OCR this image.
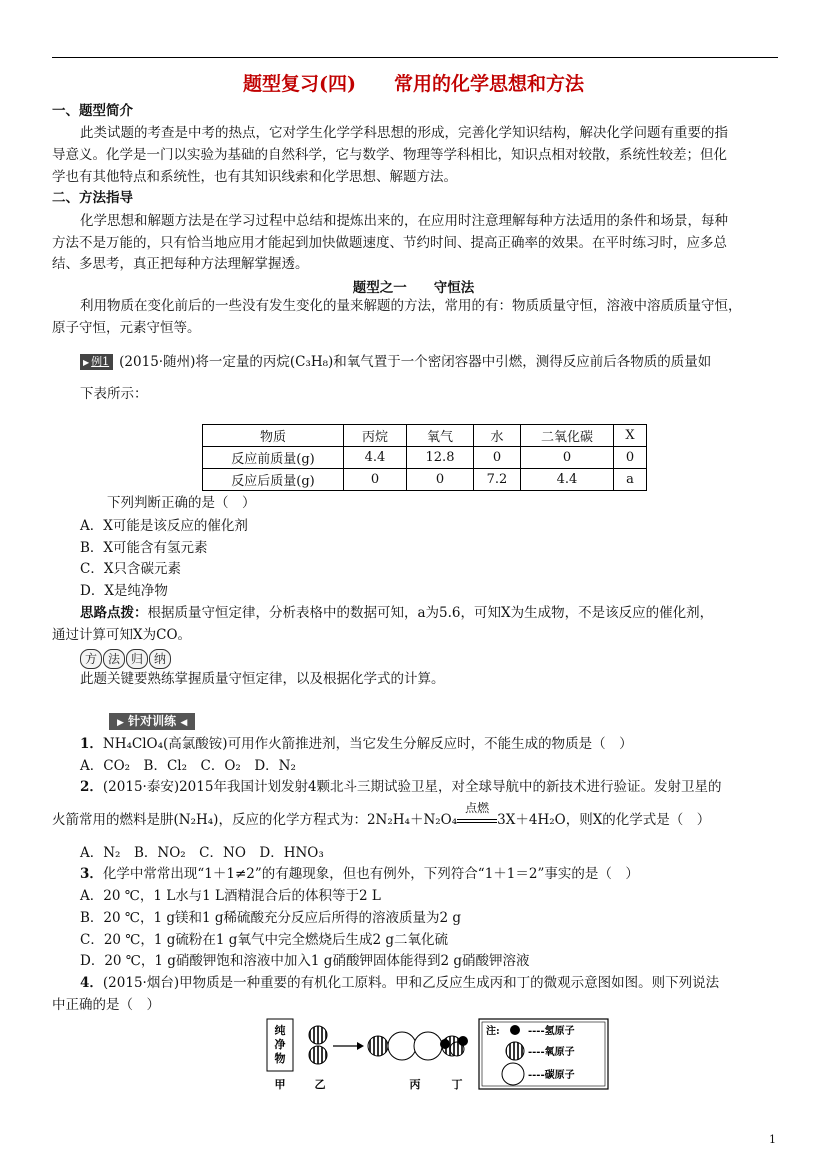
题型复习(四)　　常用的化学思想和方法
一、题型简介
此类试题的考查是中考的热点，它对学生化学学科思想的形成，完善化学知识结构，解决化学问题有重要的指
导意义。化学是一门以实验为基础的自然科学，它与数学、物理等学科相比，知识点相对较散，系统性较差；但化
学也有其他特点和系统性，也有其知识线索和化学思想、解题方法。
二、方法指导
化学思想和解题方法是在学习过程中总结和提炼出来的，在应用时注意理解每种方法适用的条件和场景，每种
方法不是万能的，只有恰当地应用才能起到加快做题速度、节约时间、提高正确率的效果。在平时练习时，应多总
结、多思考，真正把每种方法理解掌握透。
题型之一　　守恒法
利用物质在变化前后的一些没有发生变化的量来解题的方法，常用的有：物质质量守恒，溶液中溶质质量守恒，
原子守恒，元素守恒等。
▶ 例1 (2015·随州)将一定量的丙烷(C₃H₈)和氧气置于一个密闭容器中引燃，测得反应前后各物质的质量如
下表所示：
物质	丙烷	氧气	水	二氧化碳	X
反应前质量(g)	4.4	12.8	0	0	0
反应后质量(g)	0	0	7.2	4.4	a
下列判断正确的是（　）
A．X可能是该反应的催化剂
B．X可能含有氢元素
C．X只含碳元素
D．X是纯净物
思路点拨：根据质量守恒定律，分析表格中的数据可知，a为5.6，可知X为生成物，不是该反应的催化剂，
通过计算可知X为CO。
方 法 归 纳
此题关键要熟练掌握质量守恒定律，以及根据化学式的计算。
▶ 针对训练 ◀
1．NH₄ClO₄(高氯酸铵)可用作火箭推进剂，当它发生分解反应时，不能生成的物质是（　）
A．CO₂　B．Cl₂　C．O₂　D．N₂
2．(2015·泰安)2015年我国计划发射4颗北斗三期试验卫星，对全球导航中的新技术进行验证。发射卫星的
火箭常用的燃料是肼(N₂H₄)，反应的化学方程式为：2N₂H₄＋N₂O₄
点燃
3X＋4H₂O，则X的化学式是（　）
A．N₂　B．NO₂　C．NO　D．HNO₃
3．化学中常常出现“1＋1≠2”的有趣现象，但也有例外，下列符合“1＋1＝2”事实的是（　）
A．20 ℃，1 L水与1 L酒精混合后的体积等于2 L
B．20 ℃，1 g镁和1 g稀硫酸充分反应后所得的溶液质量为2 g
C．20 ℃，1 g硫粉在1 g氧气中完全燃烧后生成2 g二氧化硫
D．20 ℃，1 g硝酸钾饱和溶液中加入1 g硝酸钾固体能得到2 g硝酸钾溶液
4．(2015·烟台)甲物质是一种重要的有机化工原料。甲和乙反应生成丙和丁的微观示意图如图。则下列说法
中正确的是（　）
纯
净
物
甲	乙	丙	丁
注:	----氢原子
----氧原子
----碳原子
1
